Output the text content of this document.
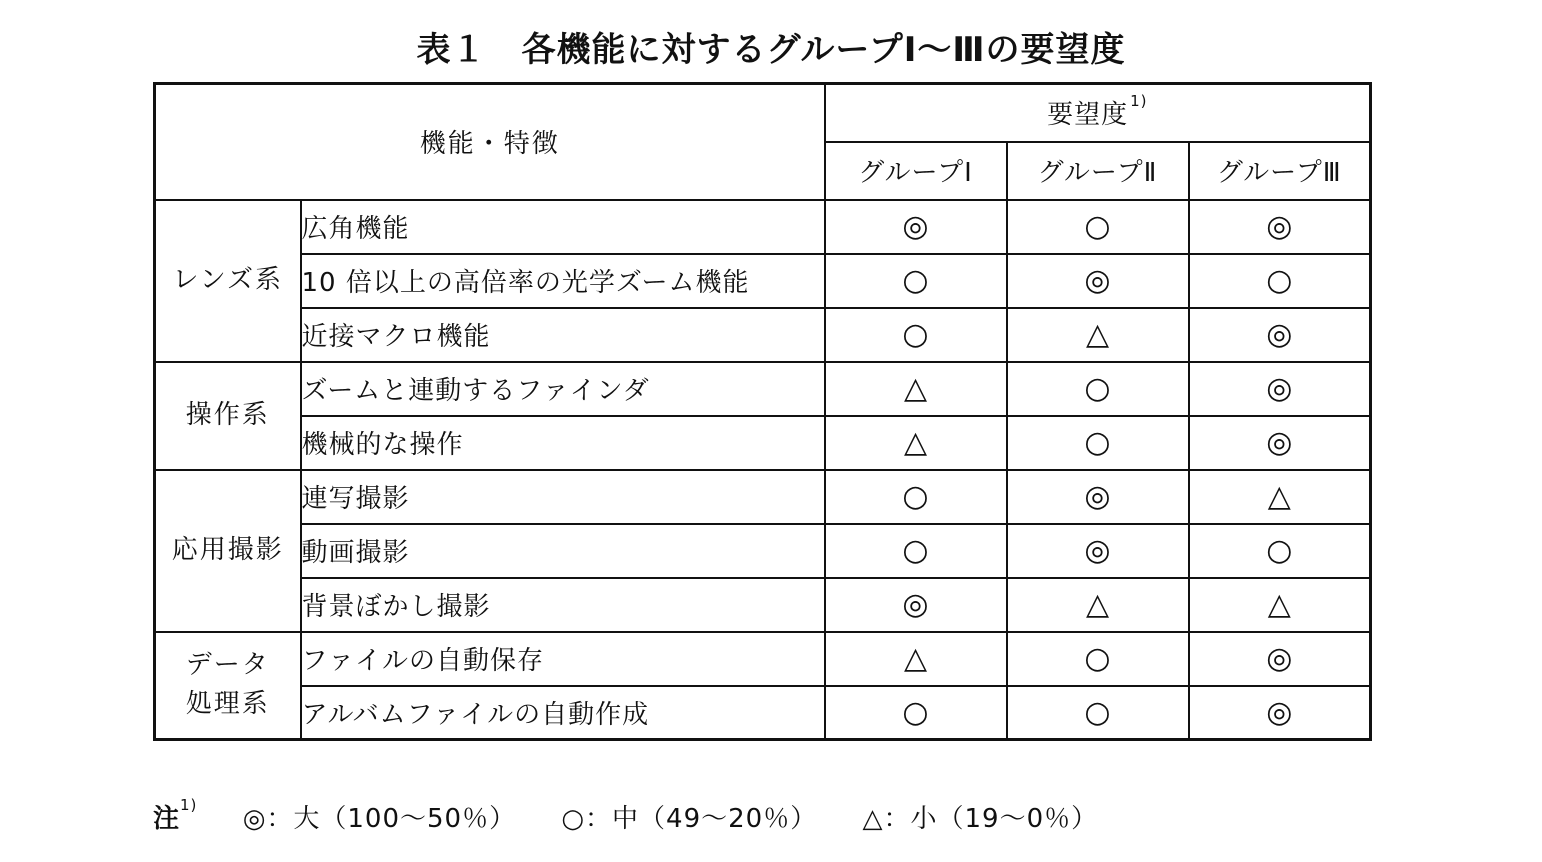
表１　各機能に対するグループⅠ～Ⅲの要望度
機能・特徴		要望度 $^{1)}$
		グループⅠ	グループⅡ	グループⅢ

レンズ系	広角機能	◎	○	◎
	10 倍以上の高倍率の光学ズーム機能	○	◎	○
	近接マクロ機能	○	△	◎

操作系	ズームと連動するファインダ	△	○	◎
	機械的な操作	△	○	◎

応用撮影	連写撮影	○	◎	△
	動画撮影	○	◎	○
	背景ぼかし撮影	◎	△	△

データ
処理系	ファイルの自動保存	△	○	◎
	アルバムファイルの自動作成	○	○	◎
注$^{1)}$ ◎：大（100～50％） ○：中（49～20％） △：小（19～0％）
